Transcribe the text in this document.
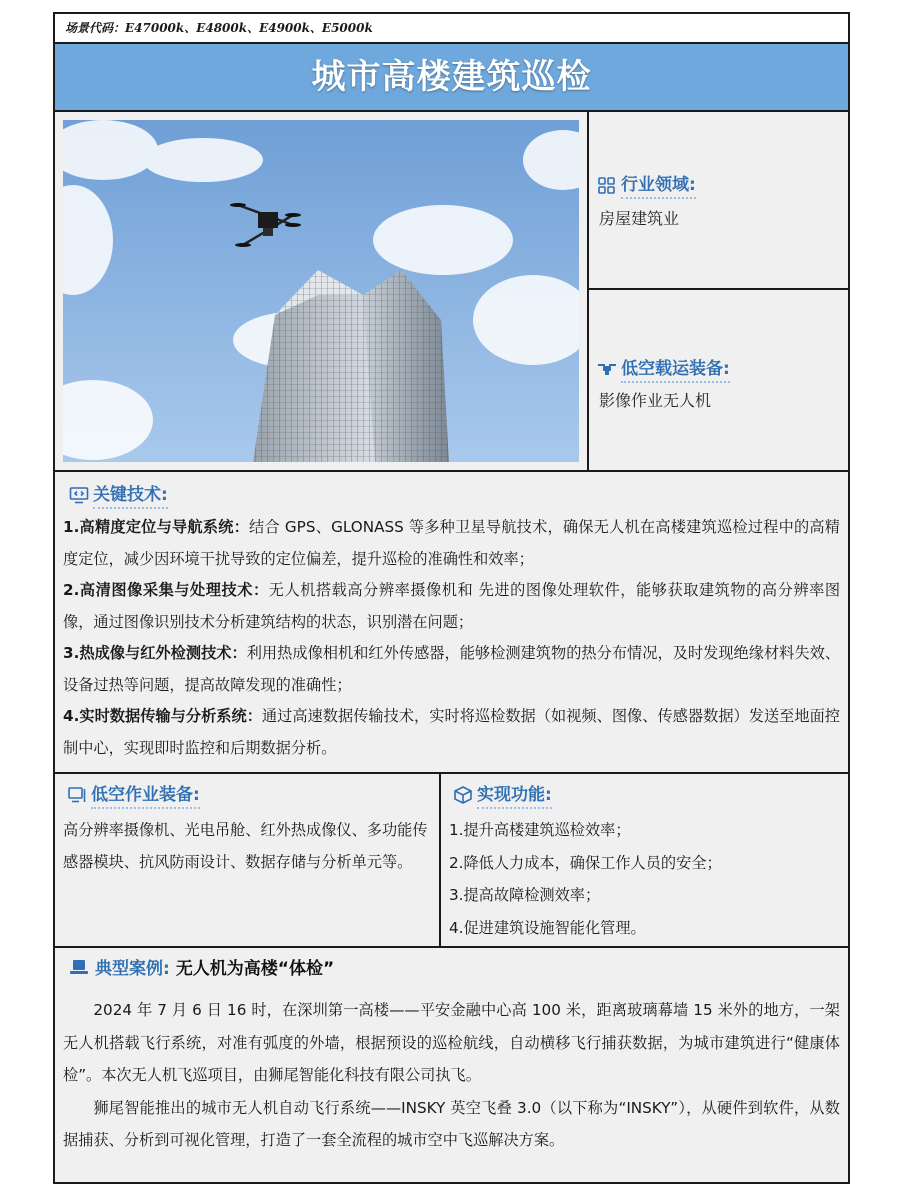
场景代码：E47000k、E4800k、E4900k、E5000k
城市高楼建筑巡检
行业领域:
房屋建筑业
低空载运装备:
影像作业无人机
关键技术:
1.高精度定位与导航系统：结合 GPS、GLONASS 等多种卫星导航技术，确保无人机在高楼建筑巡检过程中的高精度定位，减少因环境干扰导致的定位偏差，提升巡检的准确性和效率；
2.高清图像采集与处理技术：无人机搭载高分辨率摄像机和 先进的图像处理软件，能够获取建筑物的高分辨率图像，通过图像识别技术分析建筑结构的状态，识别潜在问题；
3.热成像与红外检测技术：利用热成像相机和红外传感器，能够检测建筑物的热分布情况，及时发现绝缘材料失效、设备过热等问题，提高故障发现的准确性；
4.实时数据传输与分析系统：通过高速数据传输技术，实时将巡检数据（如视频、图像、传感器数据）发送至地面控制中心，实现即时监控和后期数据分析。
低空作业装备:
高分辨率摄像机、光电吊舱、红外热成像仪、多功能传感器模块、抗风防雨设计、数据存储与分析单元等。
实现功能:
1.提升高楼建筑巡检效率；
2.降低人力成本，确保工作人员的安全；
3.提高故障检测效率；
4.促进建筑设施智能化管理。
典型案例: 无人机为高楼“体检”

2024 年 7 月 6 日 16 时，在深圳第一高楼——平安金融中心高 100 米，距离玻璃幕墙 15 米外的地方，一架无人机搭载飞行系统，对准有弧度的外墙，根据预设的巡检航线，自动横移飞行捕获数据，为城市建筑进行“健康体检”。本次无人机飞巡项目，由狮尾智能化科技有限公司执飞。

狮尾智能推出的城市无人机自动飞行系统——INSKY 英空飞叠 3.0（以下称为“INSKY”），从硬件到软件，从数据捕获、分析到可视化管理，打造了一套全流程的城市空中飞巡解决方案。
